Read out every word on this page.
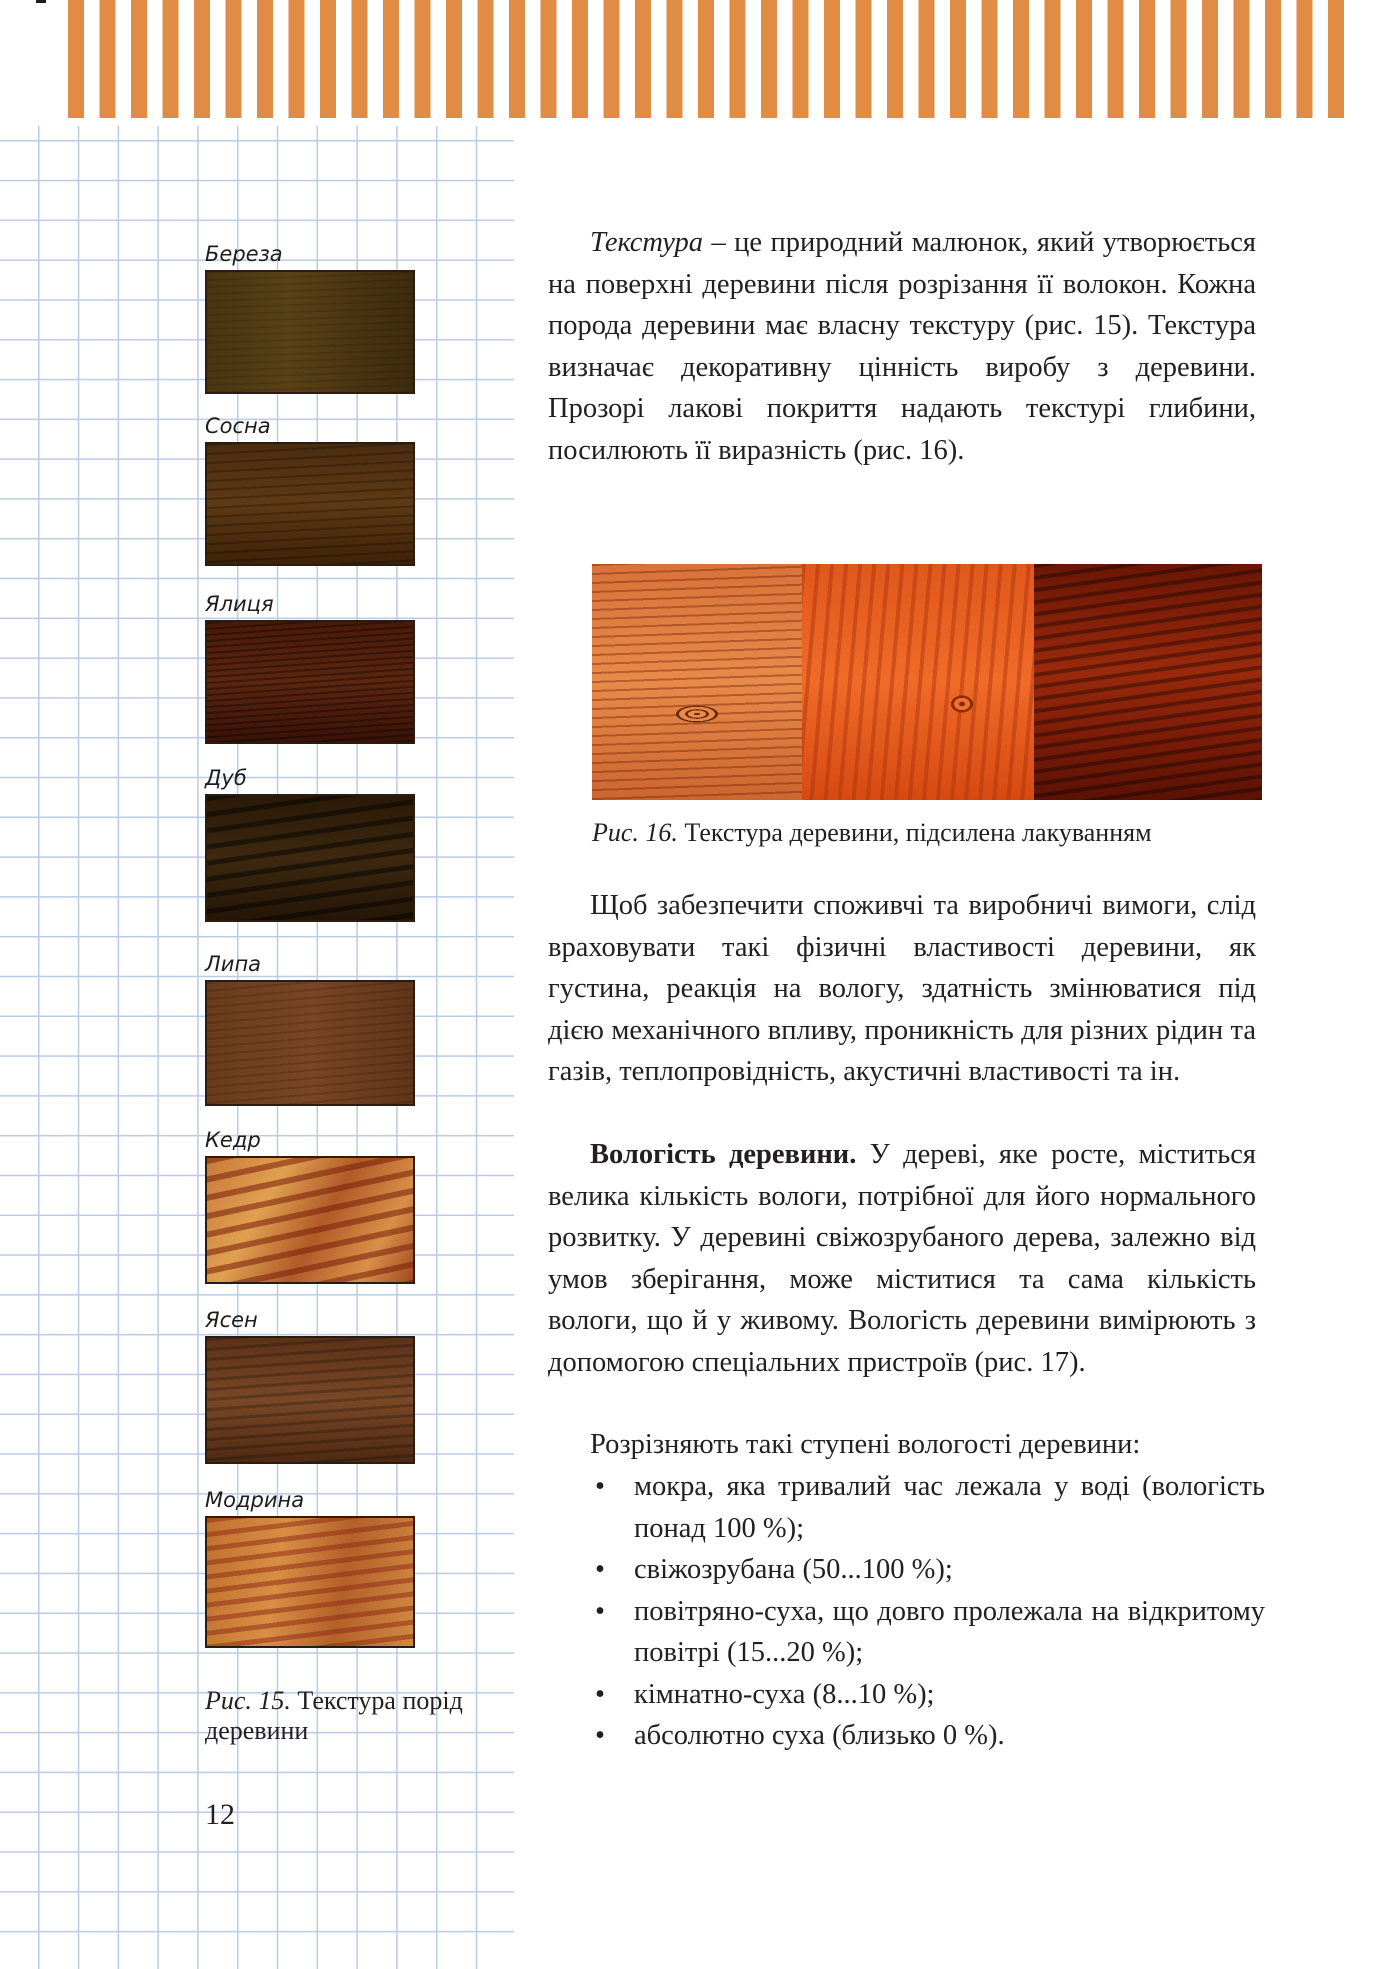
Береза
Сосна
Ялиця
Дуб
Липа
Кедр
Ясен
Модрина
Рис. 15. Текстура порід деревини
12

Текстура – це природний малюнок, який утворюється на поверхні деревини після розрізання її волокон. Кожна порода деревини має власну текстуру (рис. 15). Текстура визначає декоративну цінність виробу з деревини. Прозорі лакові покриття надають текстурі глибини, посилюють її виразність (рис. 16).

Рис. 16. Текстура деревини, підсилена лакуванням

Щоб забезпечити споживчі та виробничі вимоги, слід враховувати такі фізичні властивості деревини, як густина, реакція на вологу, здатність змінюватися під дією механічного впливу, проникність для різних рідин та газів, теплопровідність, акустичні властивості та ін.

Вологість деревини. У дереві, яке росте, міститься велика кількість вологи, потрібної для його нормального розвитку. У деревині свіжозрубаного дерева, залежно від умов зберігання, може міститися та сама кількість вологи, що й у живому. Вологість деревини вимірюють з допомогою спеціальних пристроїв (рис. 17).

Розрізняють такі ступені вологості деревини:

• мокра, яка тривалий час лежала у воді (вологість понад 100 %);
• свіжозрубана (50...100 %);
• повітряно-суха, що довго пролежала на відкритому повітрі (15...20 %);
• кімнатно-суха (8...10 %);
• абсолютно суха (близько 0 %).
